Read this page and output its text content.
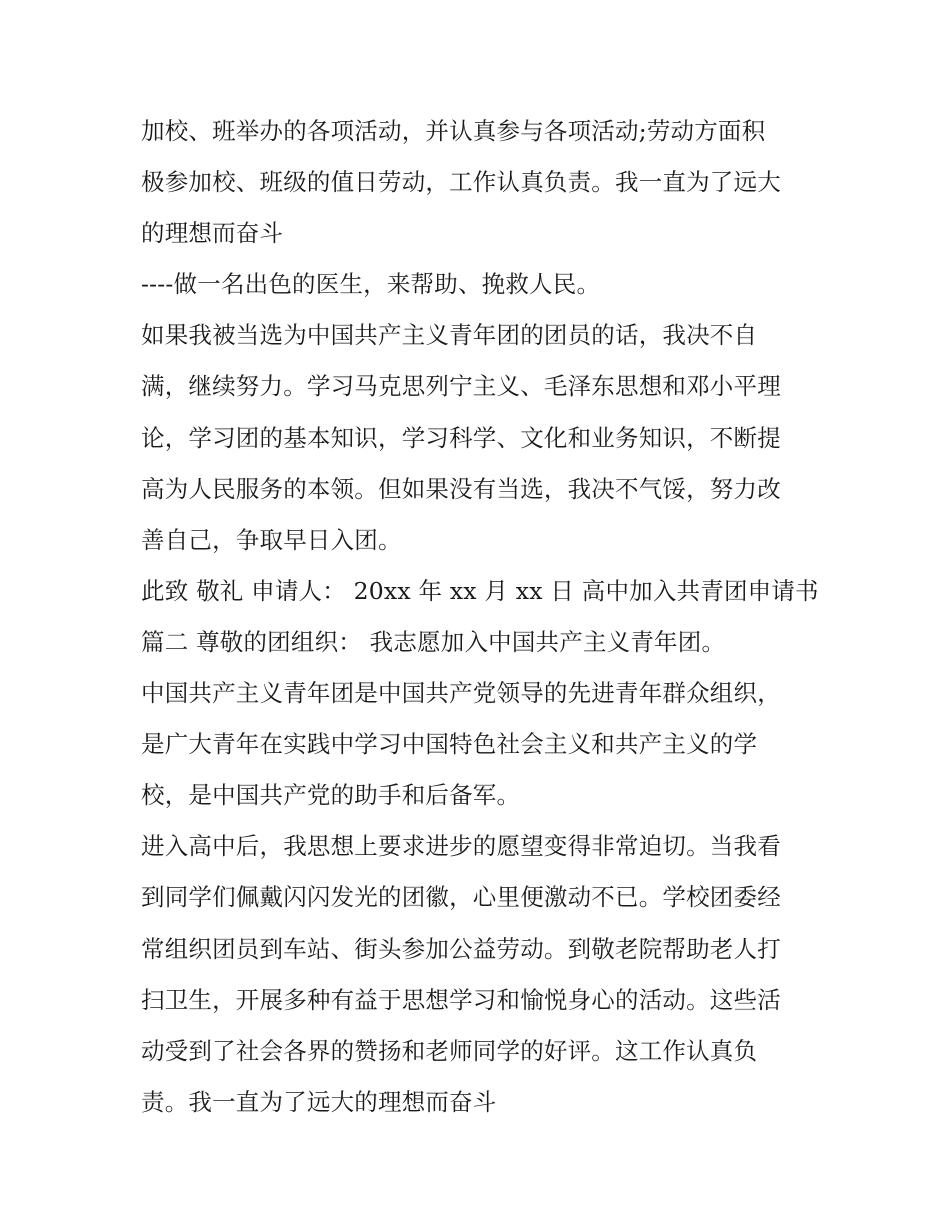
加校、班举办的各项活动，并认真参与各项活动;劳动方面积
极参加校、班级的值日劳动，工作认真负责。我一直为了远大
的理想而奋斗
----做一名出色的医生，来帮助、挽救人民。
如果我被当选为中国共产主义青年团的团员的话，我决不自
满，继续努力。学习马克思列宁主义、毛泽东思想和邓小平理
论，学习团的基本知识，学习科学、文化和业务知识，不断提
高为人民服务的本领。但如果没有当选，我决不气馁，努力改
善自己，争取早日入团。
此致 敬礼 申请人： 20xx 年 xx 月 xx 日 高中加入共青团申请书
篇二 尊敬的团组织： 我志愿加入中国共产主义青年团。
中国共产主义青年团是中国共产党领导的先进青年群众组织，
是广大青年在实践中学习中国特色社会主义和共产主义的学
校，是中国共产党的助手和后备军。
进入高中后，我思想上要求进步的愿望变得非常迫切。当我看
到同学们佩戴闪闪发光的团徽，心里便激动不已。学校团委经
常组织团员到车站、街头参加公益劳动。到敬老院帮助老人打
扫卫生，开展多种有益于思想学习和愉悦身心的活动。这些活
动受到了社会各界的赞扬和老师同学的好评。这工作认真负
责。我一直为了远大的理想而奋斗
